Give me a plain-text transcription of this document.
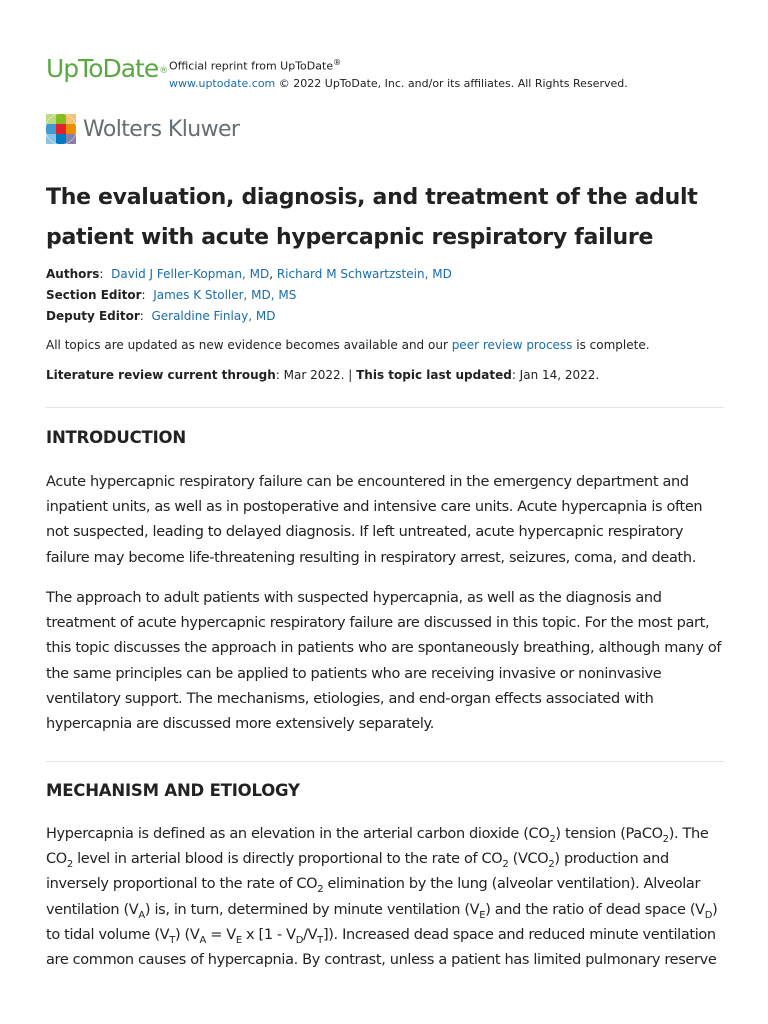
UpToDate® Official reprint from UpToDate®
www.uptodate.com © 2022 UpToDate, Inc. and/or its affiliates. All Rights Reserved.
Wolters Kluwer
The evaluation, diagnosis, and treatment of the adult patient with acute hypercapnic respiratory failure
Authors:  David J Feller-Kopman, MD, Richard M Schwartzstein, MD
Section Editor:  James K Stoller, MD, MS
Deputy Editor:  Geraldine Finlay, MD
All topics are updated as new evidence becomes available and our peer review process is complete.
Literature review current through: Mar 2022. | This topic last updated: Jan 14, 2022.
INTRODUCTION

Acute hypercapnic respiratory failure can be encountered in the emergency department and inpatient units, as well as in postoperative and intensive care units. Acute hypercapnia is often not suspected, leading to delayed diagnosis. If left untreated, acute hypercapnic respiratory failure may become life-threatening resulting in respiratory arrest, seizures, coma, and death.

The approach to adult patients with suspected hypercapnia, as well as the diagnosis and treatment of acute hypercapnic respiratory failure are discussed in this topic. For the most part, this topic discusses the approach in patients who are spontaneously breathing, although many of the same principles can be applied to patients who are receiving invasive or noninvasive ventilatory support. The mechanisms, etiologies, and end-organ effects associated with hypercapnia are discussed more extensively separately.

MECHANISM AND ETIOLOGY

Hypercapnia is defined as an elevation in the arterial carbon dioxide $(CO_2)$ tension (PaCO$_2$). The $CO_2$ level in arterial blood is directly proportional to the rate of $CO_2$ $(VCO_2)$ production and inversely proportional to the rate of $CO_2$ elimination by the lung (alveolar ventilation). Alveolar ventilation $(V_A)$ is, in turn, determined by minute ventilation $(V_E)$ and the ratio of dead space $(V_D)$ to tidal volume $(V_T) (V_A = V_E$ x $[1 - V_D/V_T]$). Increased dead space and reduced minute ventilation are common causes of hypercapnia. By contrast, unless a patient has limited pulmonary reserve
